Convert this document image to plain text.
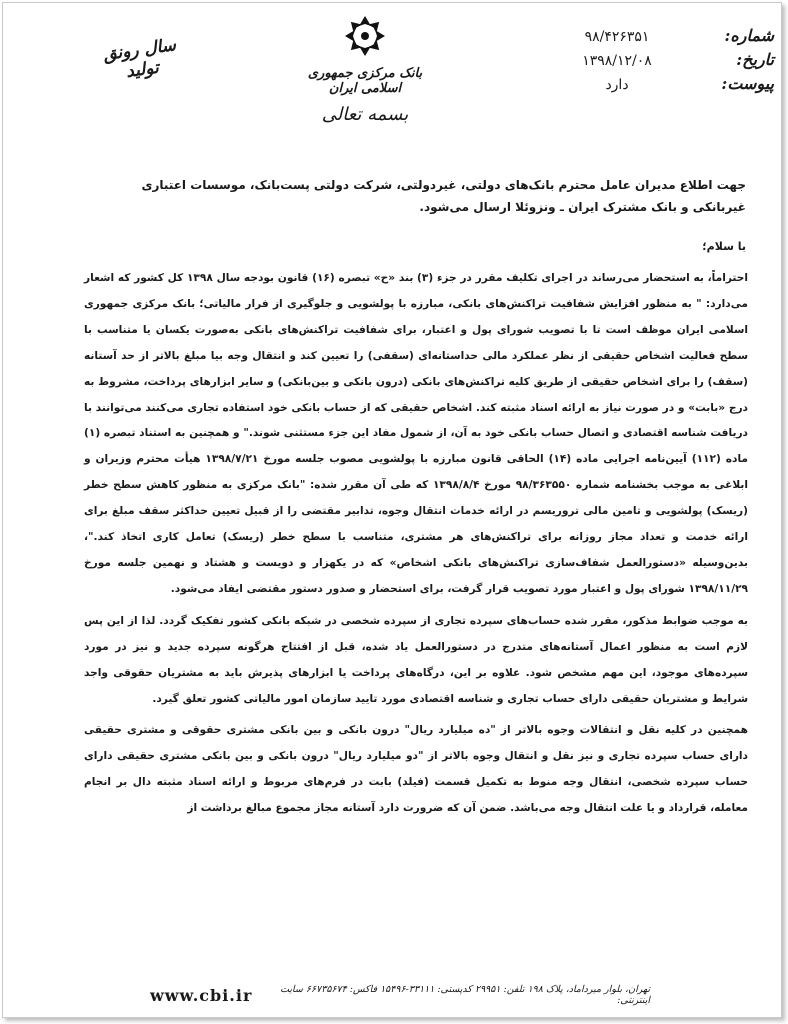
شماره:
۹۸/۴۲۶۳۵۱
تاریخ:
۱۳۹۸/۱۲/۰۸
پیوست:
دارد
بانک مرکزی جمهوری اسلامی ایران
بسمه تعالی
سال رونق تولید
جهت اطلاع مدیران عامل محترم بانک‌های دولتی، غیردولتی، شرکت دولتی پست‌بانک، موسسات اعتباری غیربانکی و بانک مشترک ایران ـ ونزوئلا ارسال می‌شود.
با سلام؛

احتراماً، به استحضار می‌رساند در اجرای تکلیف مقرر در جزء (۳) بند «ح» تبصره (۱۶) قانون بودجه سال ۱۳۹۸ کل کشور که اشعار می‌دارد: " به منظور افزایش شفافیت تراکنش‌های بانکی، مبارزه با پولشویی و جلوگیری از فرار مالیاتی؛ بانک مرکزی جمهوری اسلامی ایران موظف است تا با تصویب شورای پول و اعتبار، برای شفافیت تراکنش‌های بانکی به‌صورت یکسان یا متناسب با سطح فعالیت اشخاص حقیقی از نظر عملکرد مالی حداستانه‌ای (سقفی) را تعیین کند و انتقال وجه بیا مبلغ بالاتر از حد آستانه (سقف) را برای اشخاص حقیقی از طریق کلیه تراکنش‌های بانکی (درون بانکی و بین‌بانکی) و سایر ابزارهای پرداخت، مشروط به درج «بابت» و در صورت نیاز به ارائه اسناد مثبته کند. اشخاص حقیقی که از حساب بانکی خود استفاده تجاری می‌کنند می‌توانند با دریافت شناسه اقتصادی و اتصال حساب بانکی خود به آن، از شمول مفاد این جزء مستثنی شوند." و همچنین به استناد تبصره (۱) ماده (۱۱۲) آیین‌نامه اجرایی ماده (۱۴) الحاقی قانون مبارزه با پولشویی مصوب جلسه مورخ ۱۳۹۸/۷/۲۱ هیأت محترم وزیران و ابلاغی به موجب بخشنامه شماره ۹۸/۳۶۳۵۵۰ مورخ ۱۳۹۸/۸/۴ که طی آن مقرر شده: "بانک مرکزی به منظور کاهش سطح خطر (ریسک) پولشویی و تامین مالی تروریسم در ارائه خدمات انتقال وجوه، تدابیر مقتضی را از قبیل تعیین حداکثر سقف مبلغ برای ارائه خدمت و تعداد مجاز روزانه برای تراکنش‌های هر مشتری، متناسب با سطح خطر (ریسک) تعامل کاری اتخاذ کند."، بدین‌وسیله «دستورالعمل شفاف‌سازی تراکنش‌های بانکی اشخاص» که در یکهزار و دویست و هشتاد و نهمین جلسه مورخ ۱۳۹۸/۱۱/۲۹ شورای پول و اعتبار مورد تصویب قرار گرفت، برای استحضار و صدور دستور مقتضی ایفاد می‌شود.

به موجب ضوابط مذکور، مقرر شده حساب‌های سپرده تجاری از سپرده شخصی در شبکه بانکی کشور تفکیک گردد. لذا از این پس لازم است به منظور اعمال آستانه‌های متدرج در دستورالعمل یاد شده، قبل از افتتاح هرگونه سپرده جدید و نیز در مورد سپرده‌های موجود، این مهم مشخص شود. علاوه بر این، درگاه‌های پرداخت یا ابزارهای پذیرش باید به مشتریان حقوقی واجد شرایط و مشتریان حقیقی دارای حساب تجاری و شناسه اقتصادی مورد تایید سازمان امور مالیاتی کشور تعلق گیرد.

همچنین در کلیه نقل و انتقالات وجوه بالاتر از "ده میلیارد ریال" درون بانکی و بین بانکی مشتری حقوقی و مشتری حقیقی دارای حساب سپرده تجاری و نیز نقل و انتقال وجوه بالاتر از "دو میلیارد ریال" درون بانکی و بین بانکی مشتری حقیقی دارای حساب سپرده شخصی، انتقال وجه منوط به تکمیل قسمت (فیلد) بابت در فرم‌های مربوط و ارائه اسناد مثبته دال بر انجام معامله، قرارداد و یا علت انتقال وجه می‌باشد. ضمن آن که ضرورت دارد آستانه مجاز مجموع مبالغ برداشت از

www.cbi.ir	تهران، بلوار میرداماد، پلاک ۱۹۸ تلفن: ۲۹۹۵۱ کدپستی: ۳۳۱۱۱-۱۵۴۹۶ فاکس: ۶۶۷۳۵۶۷۴ سایت اینترنتی:
